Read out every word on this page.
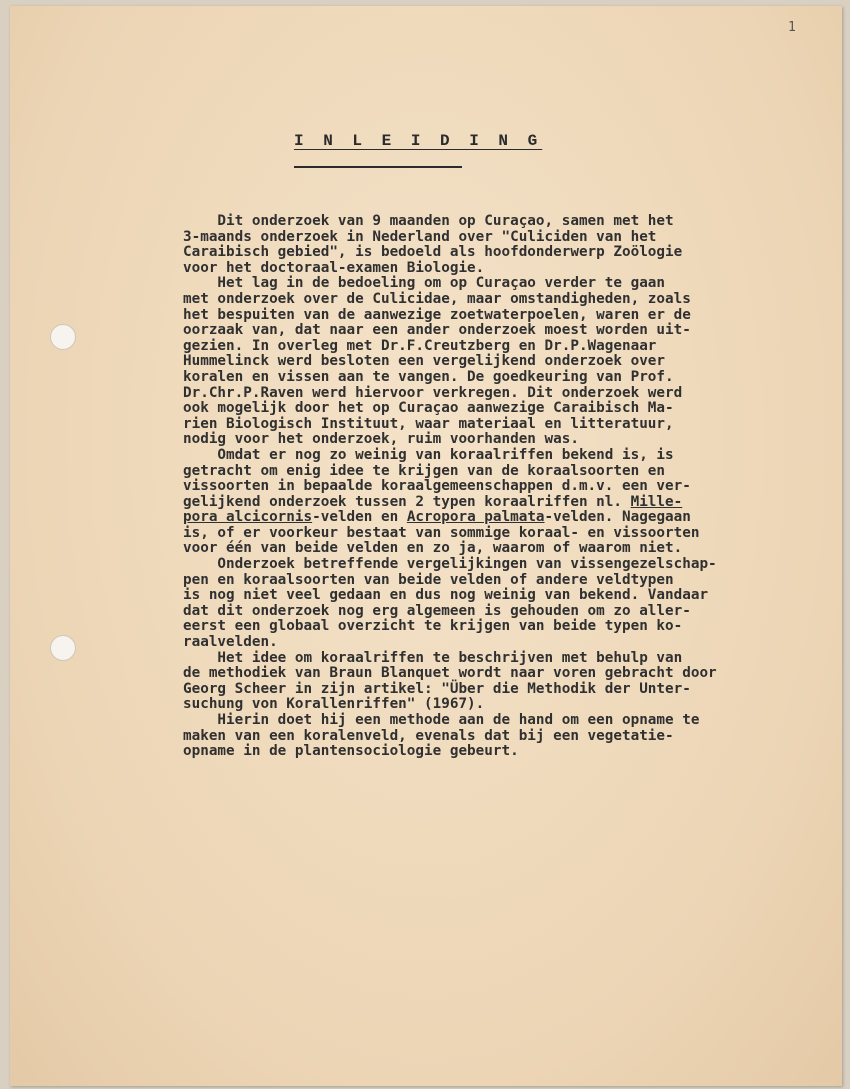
1
I N L E I D I N G
Dit onderzoek van 9 maanden op Curaçao, samen met het
3-maands onderzoek in Nederland over "Culiciden van het
Caraibisch gebied", is bedoeld als hoofdonderwerp Zoölogie
voor het doctoraal-examen Biologie.
Het lag in de bedoeling om op Curaçao verder te gaan
met onderzoek over de Culicidae, maar omstandigheden, zoals
het bespuiten van de aanwezige zoetwaterpoelen, waren er de
oorzaak van, dat naar een ander onderzoek moest worden uit-
gezien. In overleg met Dr.F.Creutzberg en Dr.P.Wagenaar
Hummelinck werd besloten een vergelijkend onderzoek over
koralen en vissen aan te vangen. De goedkeuring van Prof.
Dr.Chr.P.Raven werd hiervoor verkregen. Dit onderzoek werd
ook mogelijk door het op Curaçao aanwezige Caraibisch Ma-
rien Biologisch Instituut, waar materiaal en litteratuur,
nodig voor het onderzoek, ruim voorhanden was.
Omdat er nog zo weinig van koraalriffen bekend is, is
getracht om enig idee te krijgen van de koraalsoorten en
vissoorten in bepaalde koraalgemeenschappen d.m.v. een ver-
gelijkend onderzoek tussen 2 typen koraalriffen nl. Mille-
pora alcicornis-velden en Acropora palmata-velden. Nagegaan
is, of er voorkeur bestaat van sommige koraal- en vissoorten
voor één van beide velden en zo ja, waarom of waarom niet.
Onderzoek betreffende vergelijkingen van vissengezelschap-
pen en koraalsoorten van beide velden of andere veldtypen
is nog niet veel gedaan en dus nog weinig van bekend. Vandaar
dat dit onderzoek nog erg algemeen is gehouden om zo aller-
eerst een globaal overzicht te krijgen van beide typen ko-
raalvelden.
Het idee om koraalriffen te beschrijven met behulp van
de methodiek van Braun Blanquet wordt naar voren gebracht door
Georg Scheer in zijn artikel: "Über die Methodik der Unter-
suchung von Korallenriffen" (1967).
Hierin doet hij een methode aan de hand om een opname te
maken van een koralenveld, evenals dat bij een vegetatie-
opname in de plantensociologie gebeurt.
